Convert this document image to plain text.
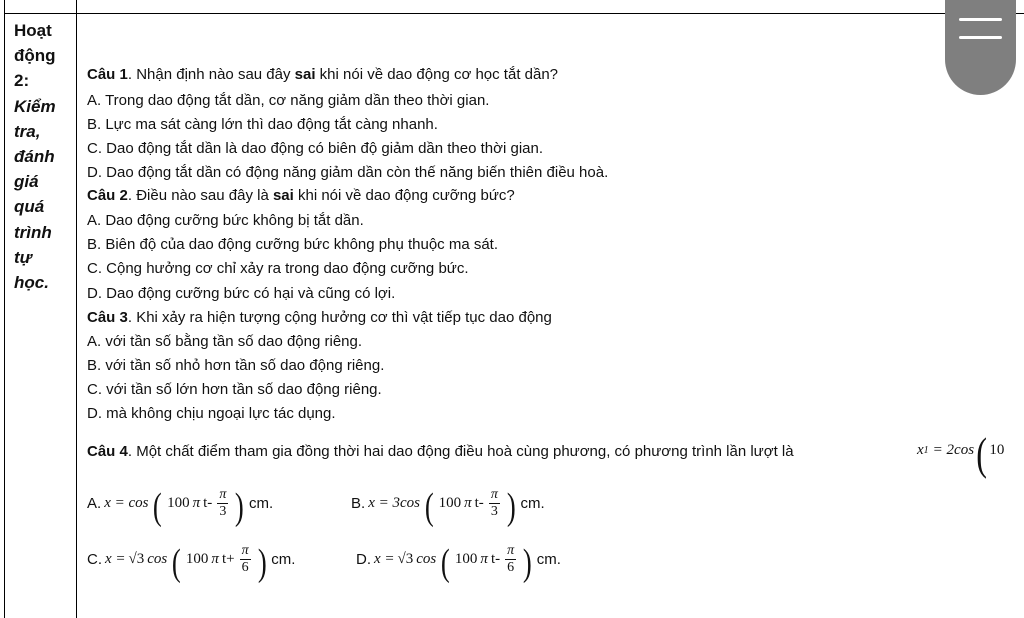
Hoạt
động
2:
Kiểm
tra,
đánh
giá
quá
trình
tự
học.
Câu 1. Nhận định nào sau đây sai khi nói về dao động cơ học tắt dần?
A. Trong dao động tắt dần, cơ năng giảm dần theo thời gian.
B. Lực ma sát càng lớn thì dao động tắt càng nhanh.
C. Dao động tắt dần là dao động có biên độ giảm dần theo thời gian.
D. Dao động tắt dần có động năng giảm dần còn thế năng biến thiên điều hoà.
Câu 2. Điều nào sau đây là sai khi nói về dao động cưỡng bức?
A. Dao động cưỡng bức không bị tắt dần.
B. Biên độ của dao động cưỡng bức không phụ thuộc ma sát.
C. Cộng hưởng cơ chỉ xảy ra trong dao động cưỡng bức.
D. Dao động cưỡng bức có hại và cũng có lợi.
Câu 3. Khi xảy ra hiện tượng cộng hưởng cơ thì vật tiếp tục dao động
A. với tần số bằng tần số dao động riêng.
B. với tần số nhỏ hơn tần số dao động riêng.
C. với tần số lớn hơn tần số dao động riêng.
D. mà không chịu ngoại lực tác dụng.
Câu 4. Một chất điểm tham gia đồng thời hai dao động điều hoà cùng phương, có phương trình lần lượt là	x 1 = 2cos ( 10
A. x = cos ( 100 π $t- \frac{\pi}{3}$ ) cm.	B. x = 3cos ( 100 π $t- \frac{\pi}{3}$ ) cm.
C. x = √3 cos ( 100 π $t+ \frac{\pi}{6}$ ) cm.	D. x = √3 cos ( 100 π $t- \frac{\pi}{6}$ ) cm.
